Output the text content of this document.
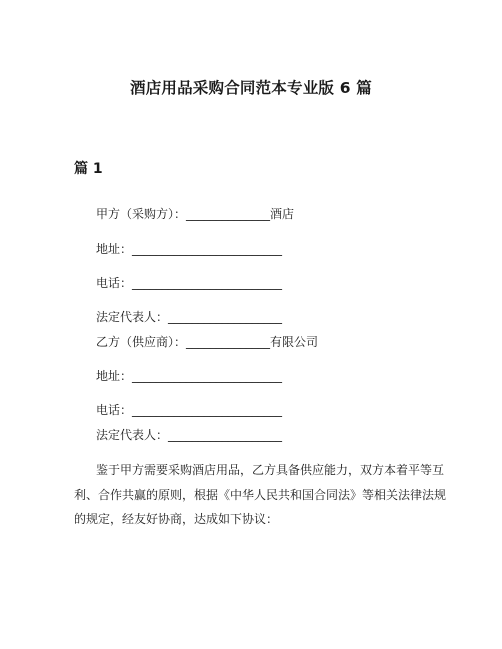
酒店用品采购合同范本专业版 6 篇
篇 1
甲方（采购方）：______________酒店
地址：_________________________
电话：_________________________
法定代表人：___________________
乙方（供应商）：______________有限公司
地址：_________________________
电话：_________________________
法定代表人：___________________
鉴于甲方需要采购酒店用品，乙方具备供应能力，双方本着平等互利、合作共赢的原则，根据《中华人民共和国合同法》等相关法律法规的规定，经友好协商，达成如下协议：
